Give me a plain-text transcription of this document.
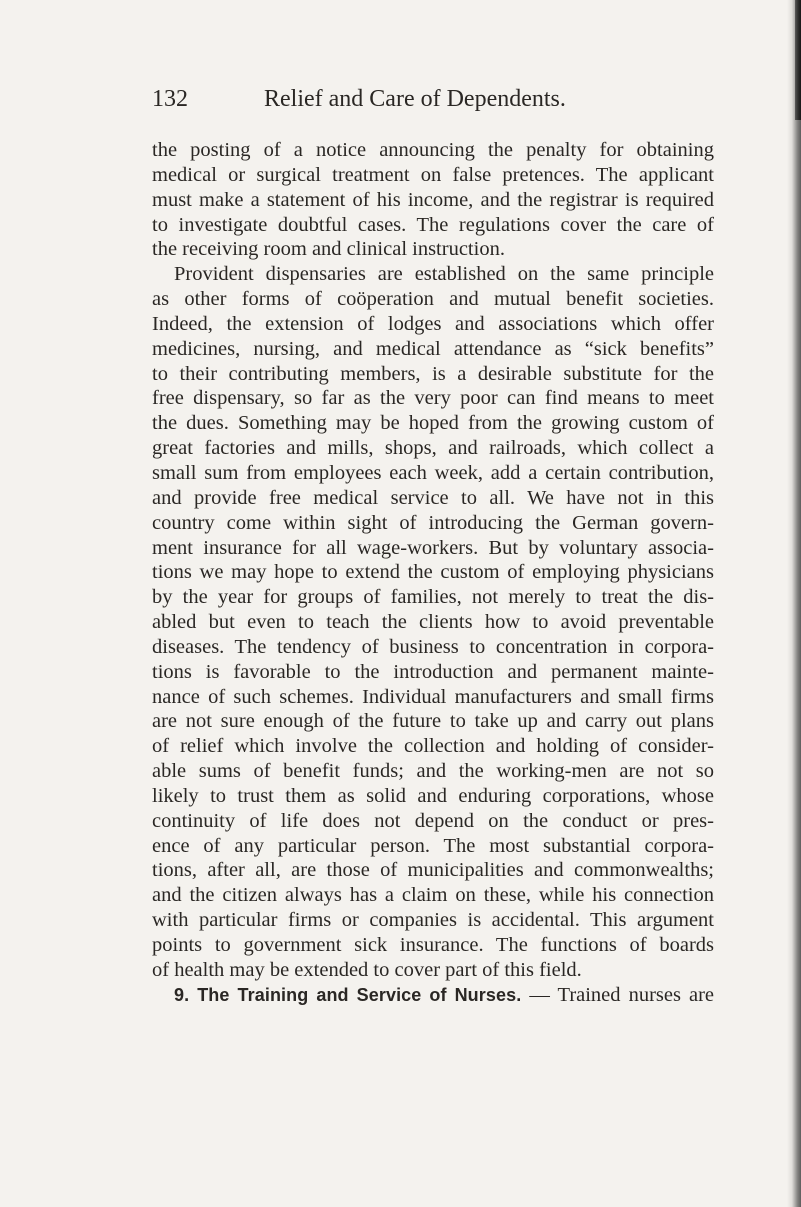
132	Relief and Care of Dependents.
the posting of a notice announcing the penalty for obtaining
medical or surgical treatment on false pretences. The applicant
must make a statement of his income, and the registrar is required
to investigate doubtful cases. The regulations cover the care of
the receiving room and clinical instruction.
Provident dispensaries are established on the same principle
as other forms of coöperation and mutual benefit societies.
Indeed, the extension of lodges and associations which offer
medicines, nursing, and medical attendance as “sick benefits”
to their contributing members, is a desirable substitute for the
free dispensary, so far as the very poor can find means to meet
the dues. Something may be hoped from the growing custom of
great factories and mills, shops, and railroads, which collect a
small sum from employees each week, add a certain contribution,
and provide free medical service to all. We have not in this
country come within sight of introducing the German govern-
ment insurance for all wage-workers. But by voluntary associa-
tions we may hope to extend the custom of employing physicians
by the year for groups of families, not merely to treat the dis-
abled but even to teach the clients how to avoid preventable
diseases. The tendency of business to concentration in corpora-
tions is favorable to the introduction and permanent mainte-
nance of such schemes. Individual manufacturers and small firms
are not sure enough of the future to take up and carry out plans
of relief which involve the collection and holding of consider-
able sums of benefit funds; and the working-men are not so
likely to trust them as solid and enduring corporations, whose
continuity of life does not depend on the conduct or pres-
ence of any particular person. The most substantial corpora-
tions, after all, are those of municipalities and commonwealths;
and the citizen always has a claim on these, while his connection
with particular firms or companies is accidental. This argument
points to government sick insurance. The functions of boards
of health may be extended to cover part of this field.
9. The Training and Service of Nurses. — Trained nurses are
